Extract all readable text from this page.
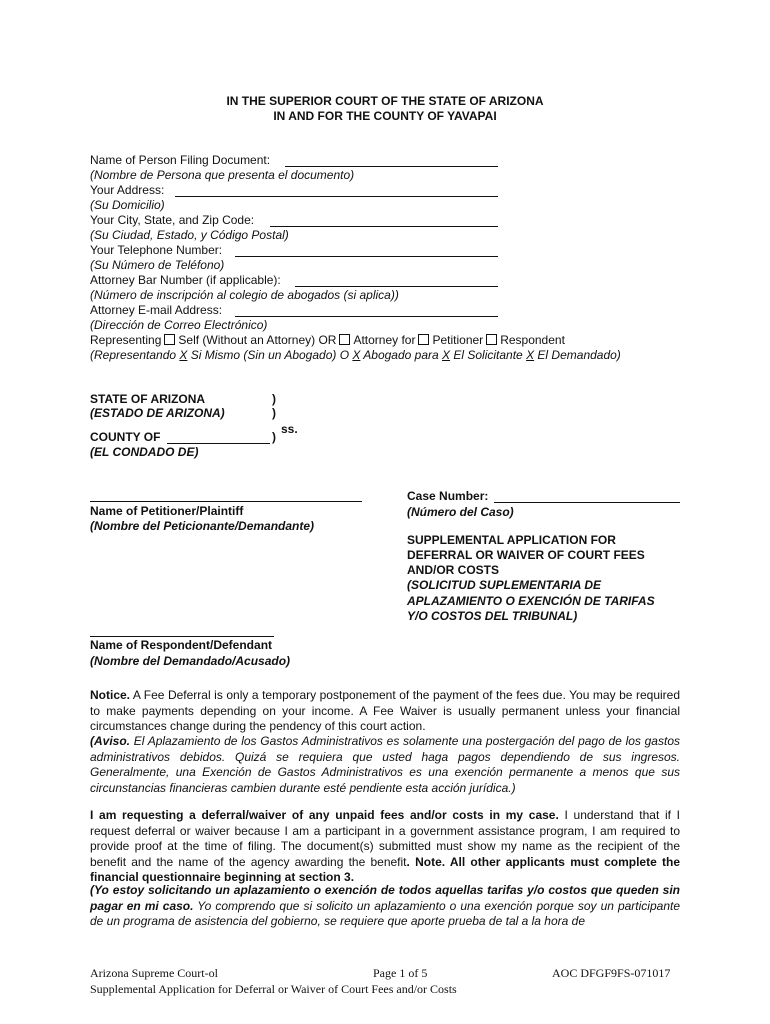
IN THE SUPERIOR COURT OF THE STATE OF ARIZONA
IN AND FOR THE COUNTY OF YAVAPAI
Name of Person Filing Document:
(Nombre de Persona que presenta el documento)
Your Address:
(Su Domicilio)
Your City, State, and Zip Code:
(Su Ciudad, Estado, y Código Postal)
Your Telephone Number:
(Su Número de Teléfono)
Attorney Bar Number (if applicable):
(Número de inscripción al colegio de abogados (si aplica))
Attorney E-mail Address:
(Dirección de Correo Electrónico)
Representing Self (Without an Attorney) OR Attorney for Petitioner Respondent
(Representando X Si Mismo (Sin un Abogado) O X Abogado para X El Solicitante X El Demandado)
STATE OF ARIZONA	)
(ESTADO DE ARIZONA)	)
ss.
COUNTY OF	)
(EL CONDADO DE)
Name of Petitioner/Plaintiff
(Nombre del Peticionante/Demandante)
Name of Respondent/Defendant
(Nombre del Demandado/Acusado)
Case Number:
(Número del Caso)
SUPPLEMENTAL APPLICATION FOR
DEFERRAL OR WAIVER OF COURT FEES
AND/OR COSTS
(SOLICITUD SUPLEMENTARIA DE
APLAZAMIENTO O EXENCIÓN DE TARIFAS
Y/O COSTOS DEL TRIBUNAL)
Notice. A Fee Deferral is only a temporary postponement of the payment of the fees due. You may be required to make payments depending on your income. A Fee Waiver is usually permanent unless your financial circumstances change during the pendency of this court action.
(Aviso. El Aplazamiento de los Gastos Administrativos es solamente una postergación del pago de los gastos administrativos debidos. Quizá se requiera que usted haga pagos dependiendo de sus ingresos. Generalmente, una Exención de Gastos Administrativos es una exención permanente a menos que sus circunstancias financieras cambien durante esté pendiente esta acción jurídica.)
I am requesting a deferral/waiver of any unpaid fees and/or costs in my case. I understand that if I request deferral or waiver because I am a participant in a government assistance program, I am required to provide proof at the time of filing. The document(s) submitted must show my name as the recipient of the benefit and the name of the agency awarding the benefit. Note. All other applicants must complete the financial questionnaire beginning at section 3.
(Yo estoy solicitando un aplazamiento o exención de todos aquellas tarifas y/o costos que queden sin pagar en mi caso. Yo comprendo que si solicito un aplazamiento o una exención porque soy un participante de un programa de asistencia del gobierno, se requiere que aporte prueba de tal a la hora de
Arizona Supreme Court-ol	Page 1 of 5	AOC DFGF9FS-071017
Supplemental Application for Deferral or Waiver of Court Fees and/or Costs
